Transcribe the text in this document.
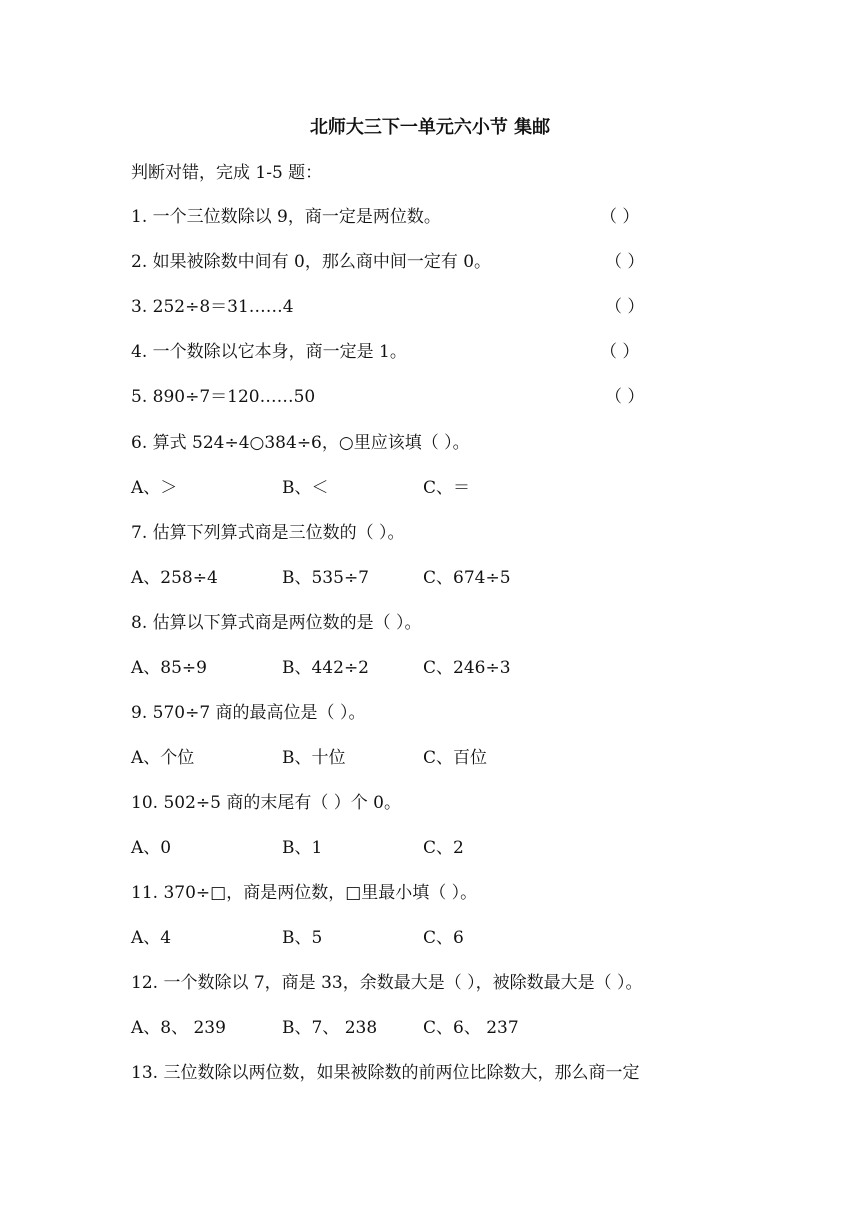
北师大三下一单元六小节 集邮
判断对错，完成 1-5 题：
1. 一个三位数除以 9，商一定是两位数。	（ ）
2. 如果被除数中间有 0，那么商中间一定有 0。	（ ）
3. 252÷8＝31……4	（ ）
4. 一个数除以它本身，商一定是 1。	（ ）
5. 890÷7＝120……50	（ ）
6. 算式 524÷4○384÷6，○里应该填（ ）。
A、＞	B、＜	C、＝
7. 估算下列算式商是三位数的（ ）。
A、258÷4	B、535÷7	C、674÷5
8. 估算以下算式商是两位数的是（ ）。
A、85÷9	B、442÷2	C、246÷3
9. 570÷7 商的最高位是（ ）。
A、个位	B、十位	C、百位
10. 502÷5 商的末尾有（ ）个 0。
A、0	B、1	C、2
11. 370÷□，商是两位数，□里最小填（ ）。
A、4	B、5	C、6
12. 一个数除以 7，商是 33，余数最大是（ ），被除数最大是（ ）。
A、8、 239	B、7、 238	C、6、 237
13. 三位数除以两位数，如果被除数的前两位比除数大，那么商一定
